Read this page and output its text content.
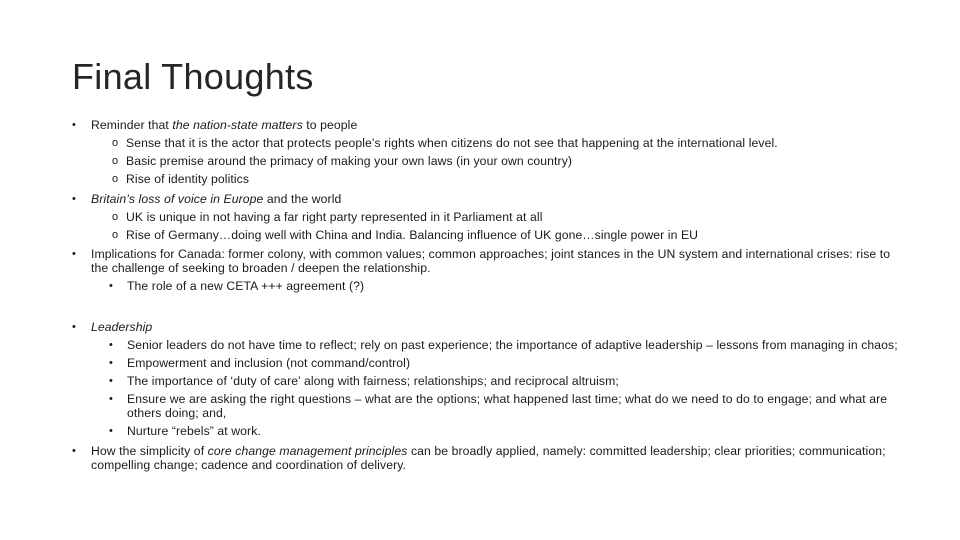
Final Thoughts

• Reminder that the nation-state matters to people

o Sense that it is the actor that protects people’s rights when citizens do not see that happening at the international level.

o Basic premise around the primacy of making your own laws (in your own country)

o Rise of identity politics

• Britain’s loss of voice in Europe and the world

o UK is unique in not having a far right party represented in it Parliament at all

o Rise of Germany…doing well with China and India. Balancing influence of UK gone…single power in EU

• Implications for Canada: former colony, with common values; common approaches; joint stances in the UN system and international crises: rise to the challenge of seeking to broaden / deepen the relationship.

• The role of a new CETA +++ agreement (?)

• Leadership

• Senior leaders do not have time to reflect; rely on past experience; the importance of adaptive leadership – lessons from managing in chaos;

• Empowerment and inclusion (not command/control)

• The importance of ‘duty of care’ along with fairness; relationships; and reciprocal altruism;

• Ensure we are asking the right questions – what are the options; what happened last time; what do we need to do to engage; and what are others doing; and,

• Nurture “rebels” at work.

• How the simplicity of core change management principles can be broadly applied, namely: committed leadership; clear priorities; communication; compelling change; cadence and coordination of delivery.
